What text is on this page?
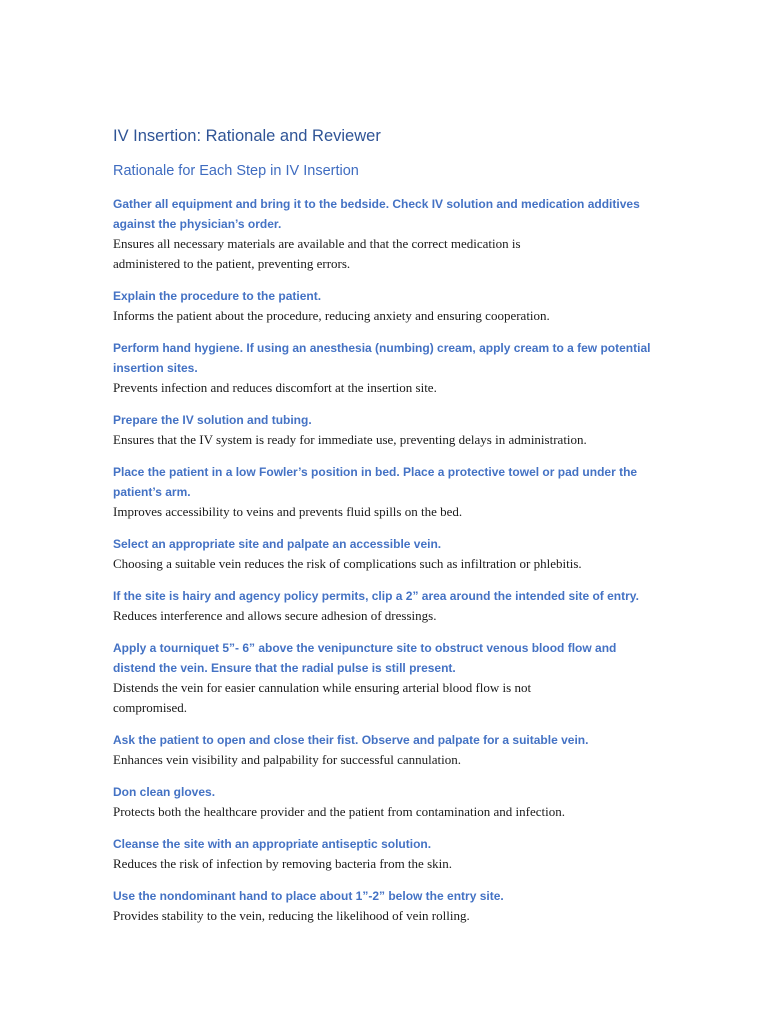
IV Insertion: Rationale and Reviewer
Rationale for Each Step in IV Insertion
Gather all equipment and bring it to the bedside. Check IV solution and medication additives
against the physician’s order.
Ensures all necessary materials are available and that the correct medication is
administered to the patient, preventing errors.
Explain the procedure to the patient.
Informs the patient about the procedure, reducing anxiety and ensuring cooperation.
Perform hand hygiene. If using an anesthesia (numbing) cream, apply cream to a few potential
insertion sites.
Prevents infection and reduces discomfort at the insertion site.
Prepare the IV solution and tubing.
Ensures that the IV system is ready for immediate use, preventing delays in administration.
Place the patient in a low Fowler’s position in bed. Place a protective towel or pad under the
patient’s arm.
Improves accessibility to veins and prevents fluid spills on the bed.
Select an appropriate site and palpate an accessible vein.
Choosing a suitable vein reduces the risk of complications such as infiltration or phlebitis.
If the site is hairy and agency policy permits, clip a 2” area around the intended site of entry.
Reduces interference and allows secure adhesion of dressings.
Apply a tourniquet 5”- 6” above the venipuncture site to obstruct venous blood flow and
distend the vein. Ensure that the radial pulse is still present.
Distends the vein for easier cannulation while ensuring arterial blood flow is not
compromised.
Ask the patient to open and close their fist. Observe and palpate for a suitable vein.
Enhances vein visibility and palpability for successful cannulation.
Don clean gloves.
Protects both the healthcare provider and the patient from contamination and infection.
Cleanse the site with an appropriate antiseptic solution.
Reduces the risk of infection by removing bacteria from the skin.
Use the nondominant hand to place about 1”-2” below the entry site.
Provides stability to the vein, reducing the likelihood of vein rolling.
